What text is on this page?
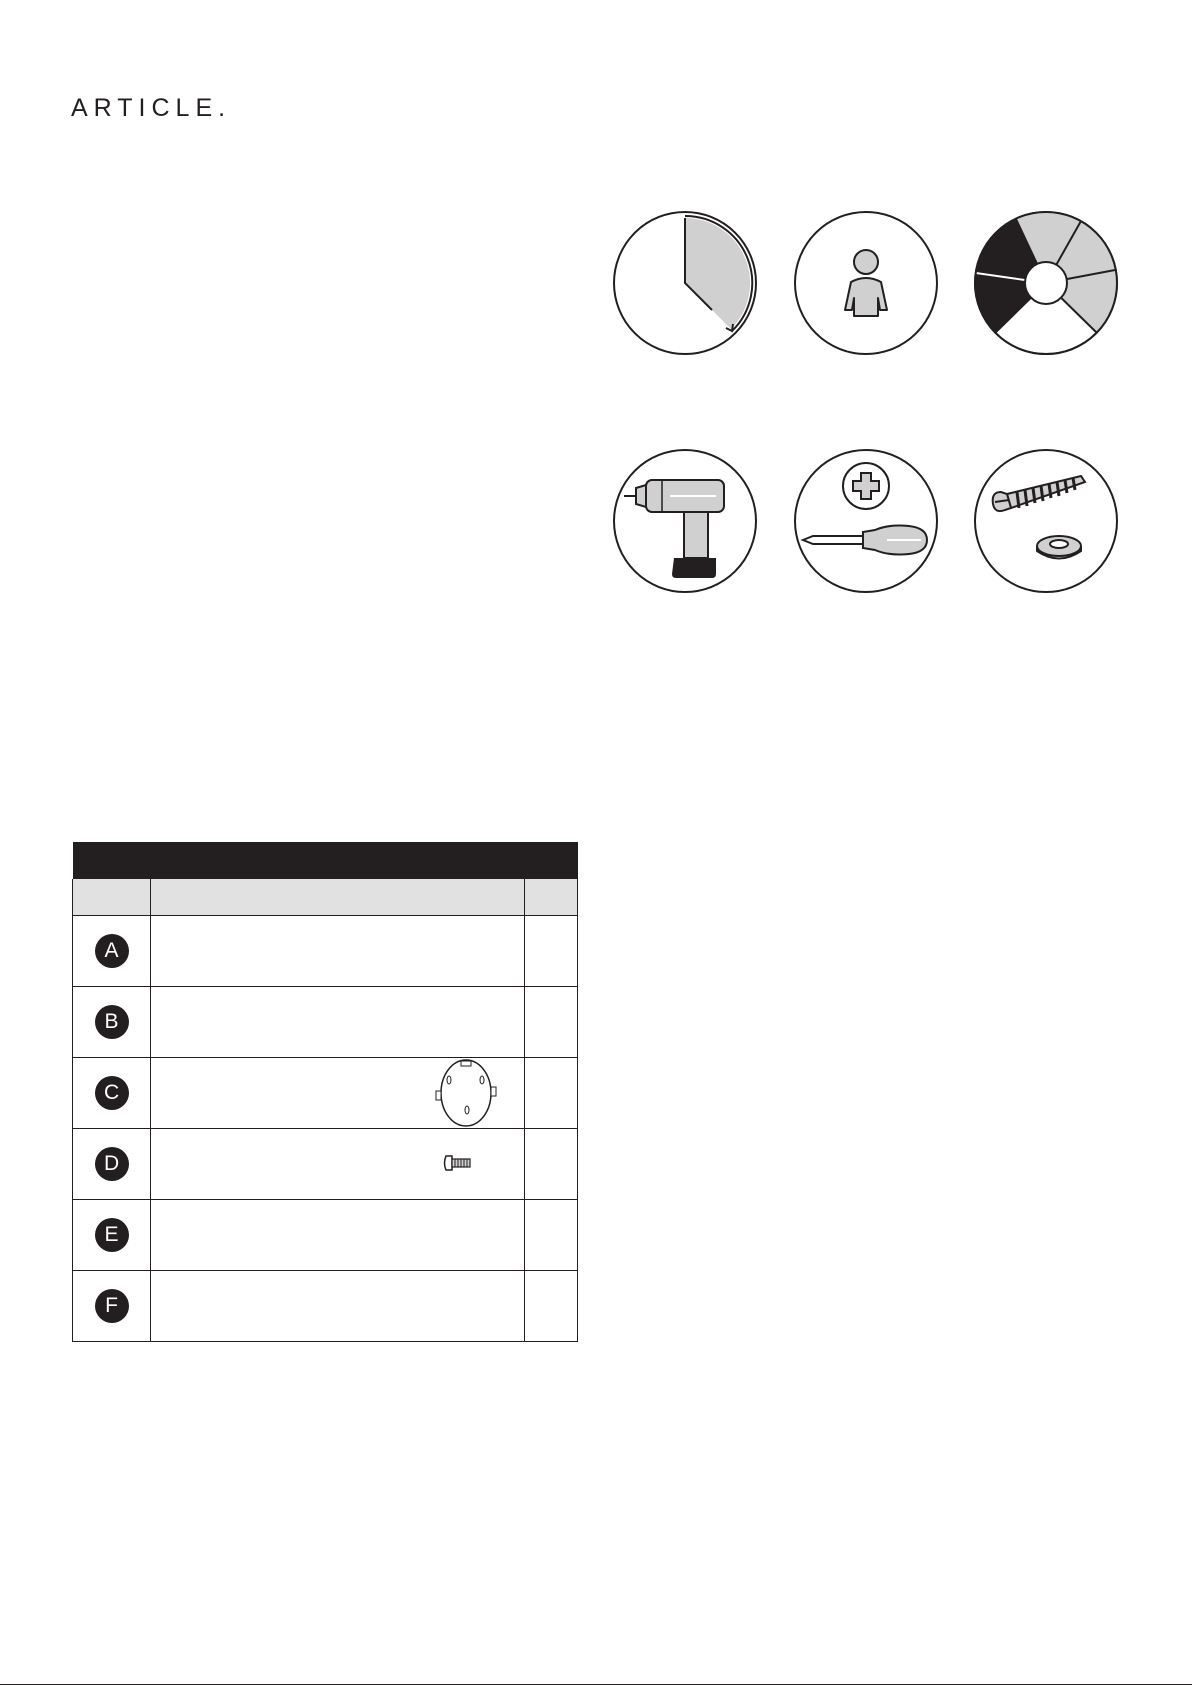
ARTICLE.

A		

B		

C

D

E		

F		
